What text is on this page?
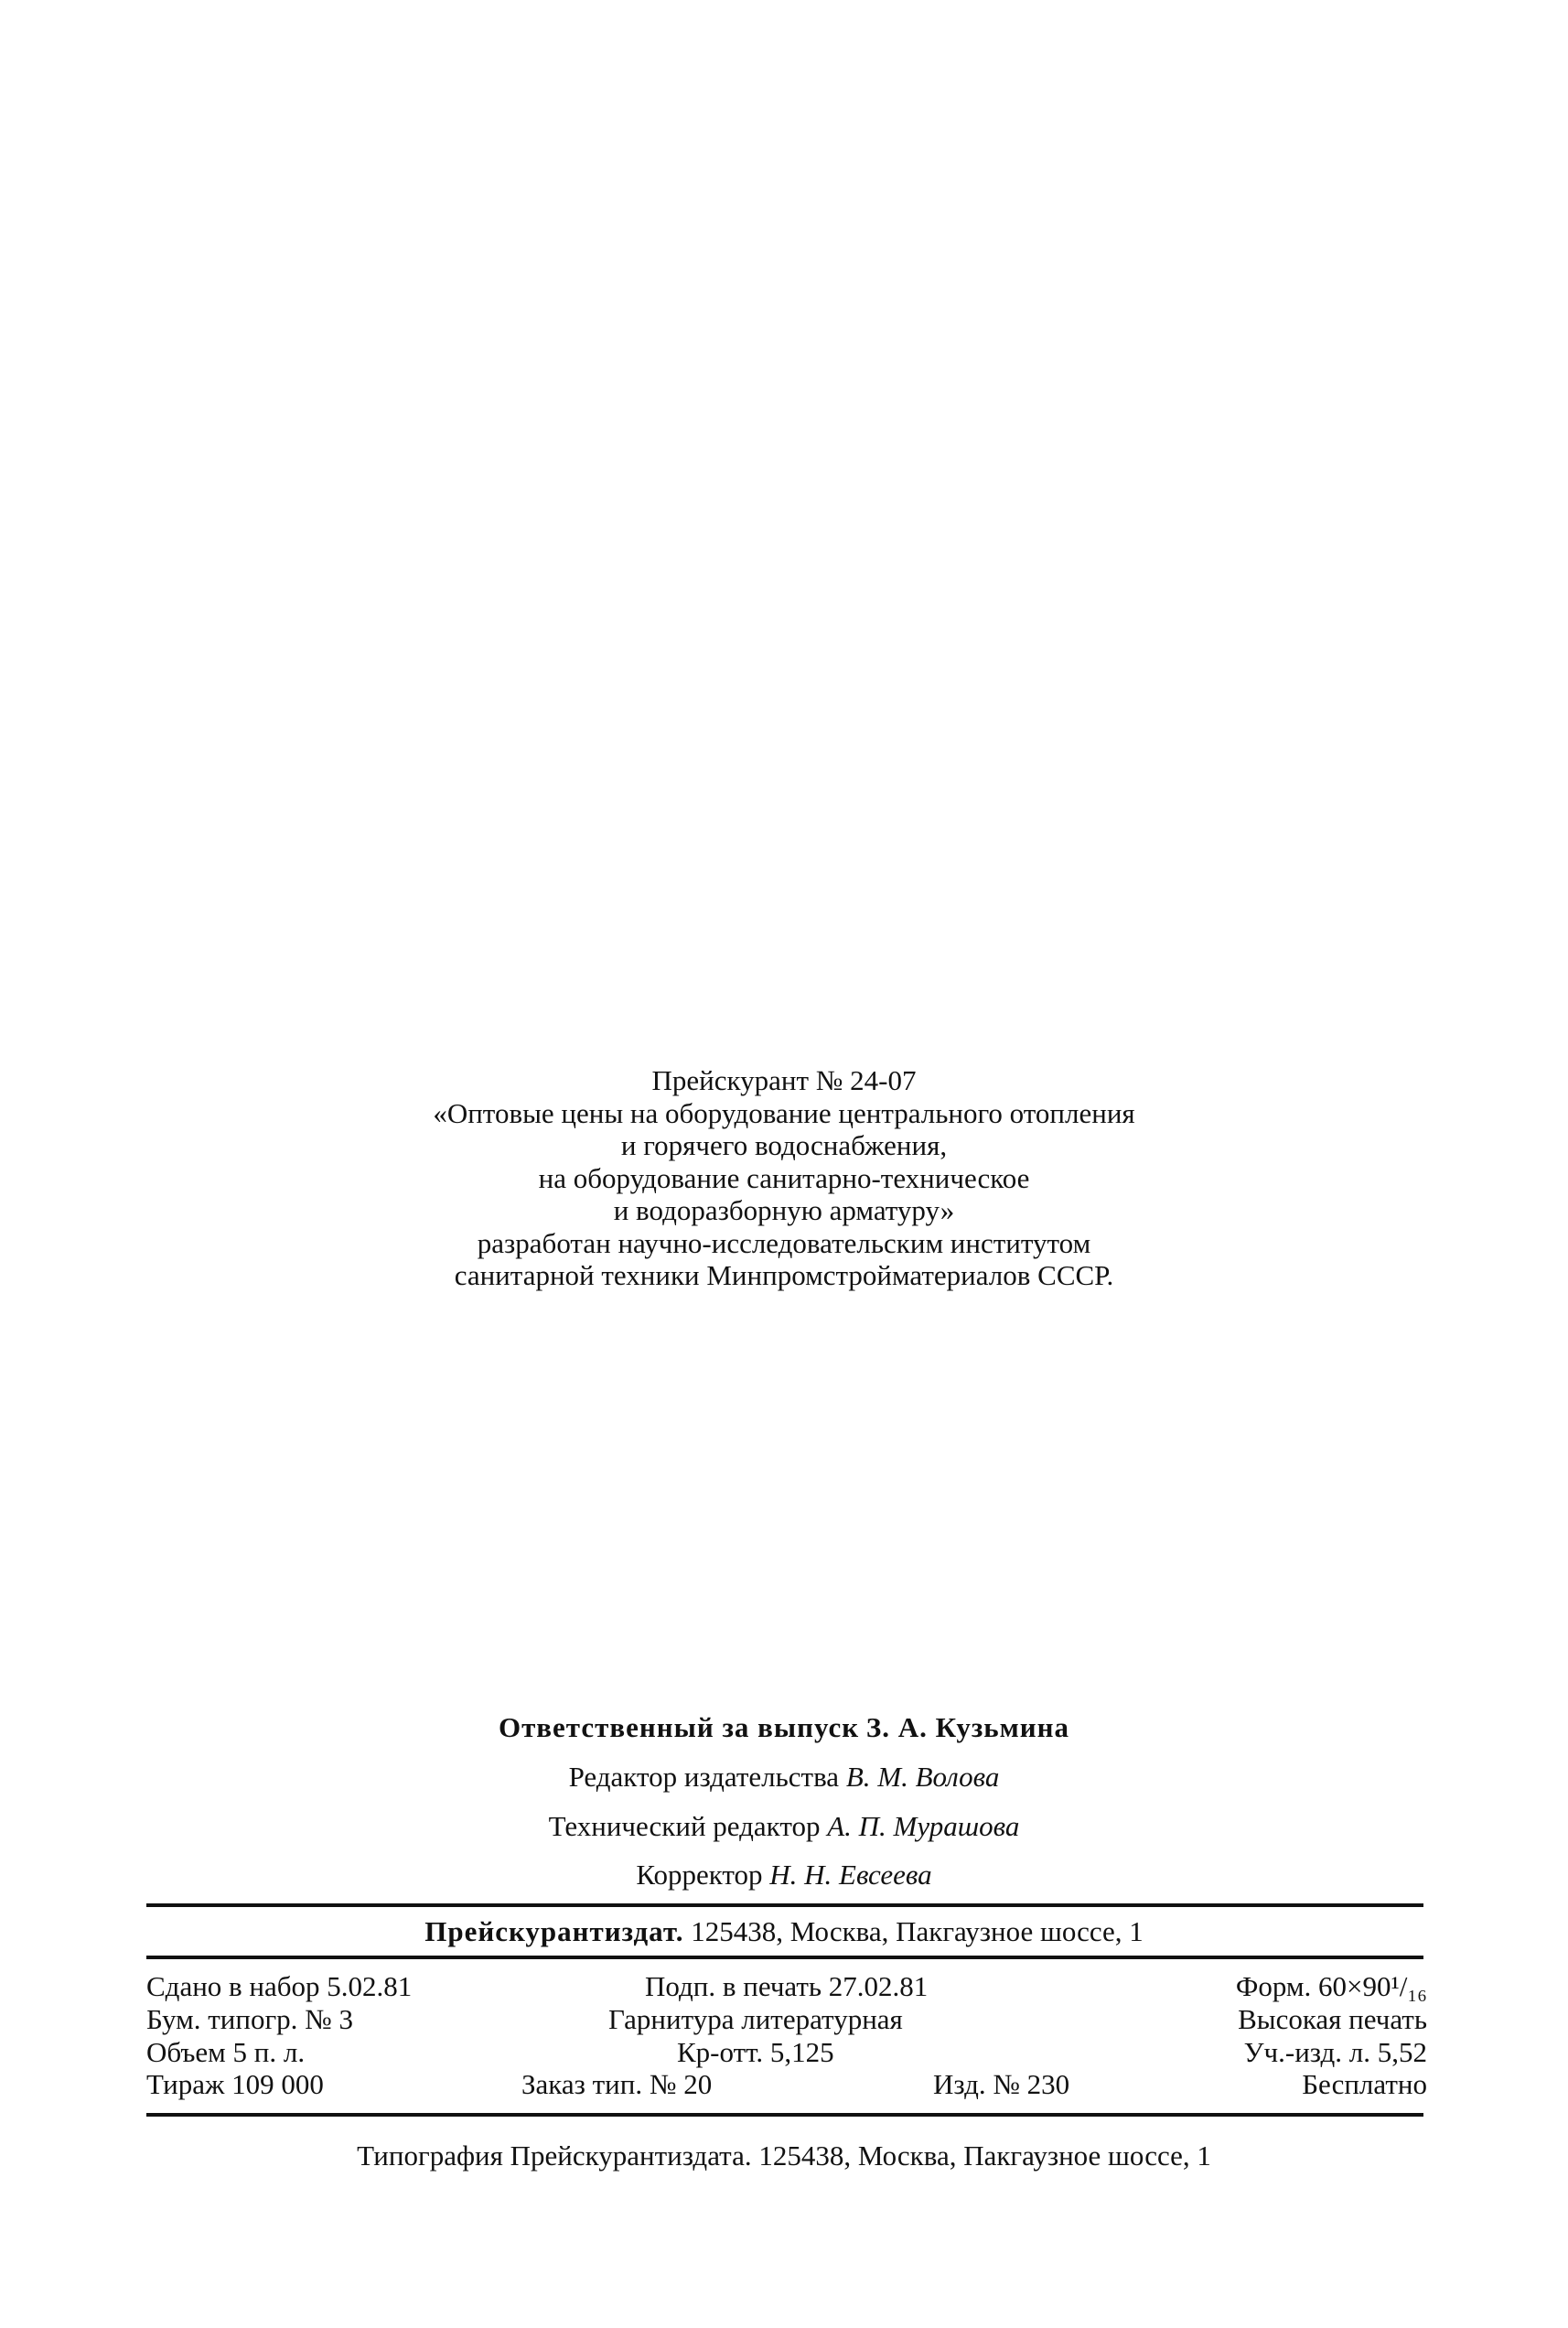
Прейскурант № 24-07
«Оптовые цены на оборудование центрального отопления
и горячего водоснабжения,
на оборудование санитарно-техническое
и водоразборную арматуру»
разработан научно-исследовательским институтом
санитарной техники Минпромстройматериалов СССР.
Ответственный за выпуск З. А. Кузьмина
Редактор издательства В. М. Волова
Технический редактор А. П. Мурашова
Корректор Н. Н. Евсеева
Прейскурантиздат. 125438, Москва, Пакгаузное шоссе, 1
Сдано в набор 5.02.81	Подп. в печать 27.02.81	Форм. 60×90¹/₁₆
Бум. типогр. № 3	Гарнитура литературная	Высокая печать
Объем 5 п. л.	Кр-отт. 5,125	Уч.-изд. л. 5,52
Тираж 109 000	Заказ тип. № 20	Изд. № 230	Бесплатно
Типография Прейскурантиздата. 125438, Москва, Пакгаузное шоссе, 1
